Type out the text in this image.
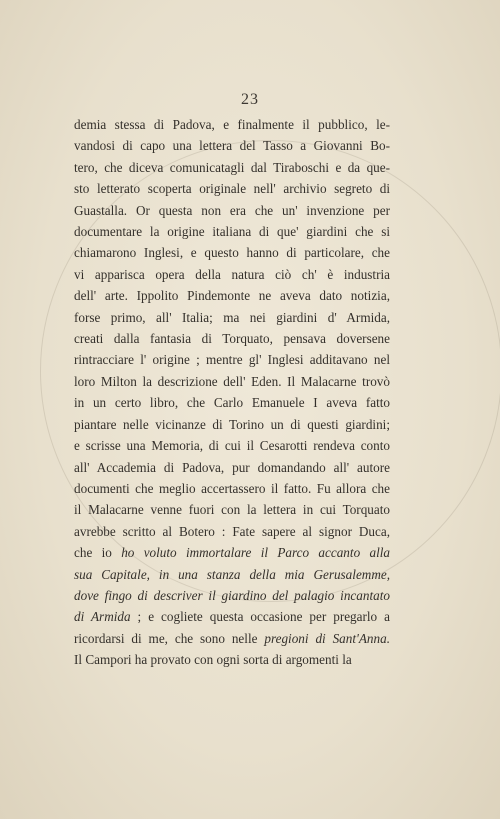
23
demia stessa di Padova, e finalmente il pubblico, le-
vandosi di capo una lettera del Tasso a Giovanni Bo-
tero, che diceva comunicatagli dal Tiraboschi e da que-
sto letterato scoperta originale nell' archivio segreto di
Guastalla. Or questa non era che un' invenzione per
documentare la origine italiana di que' giardini che si
chiamarono Inglesi, e questo hanno di particolare, che
vi apparisca opera della natura ciò ch' è industria
dell' arte. Ippolito Pindemonte ne aveva dato notizia,
forse primo, all' Italia; ma nei giardini d' Armida,
creati dalla fantasia di Torquato, pensava doversene
rintracciare l' origine ; mentre gl' Inglesi additavano nel
loro Milton la descrizione dell' Eden. Il Malacarne trovò
in un certo libro, che Carlo Emanuele I aveva fatto
piantare nelle vicinanze di Torino un di questi giardini;
e scrisse una Memoria, di cui il Cesarotti rendeva conto
all' Accademia di Padova, pur domandando all' autore
documenti che meglio accertassero il fatto. Fu allora che
il Malacarne venne fuori con la lettera in cui Torquato
avrebbe scritto al Botero : Fate sapere al signor Duca,
che io ho voluto immortalare il Parco accanto alla
sua Capitale, in una stanza della mia Gerusalemme,
dove fingo di descriver il giardino del palagio incantato
di Armida ; e cogliete questa occasione per pregarlo a
ricordarsi di me, che sono nelle pregioni di Sant'Anna.
Il Campori ha provato con ogni sorta di argomenti la
